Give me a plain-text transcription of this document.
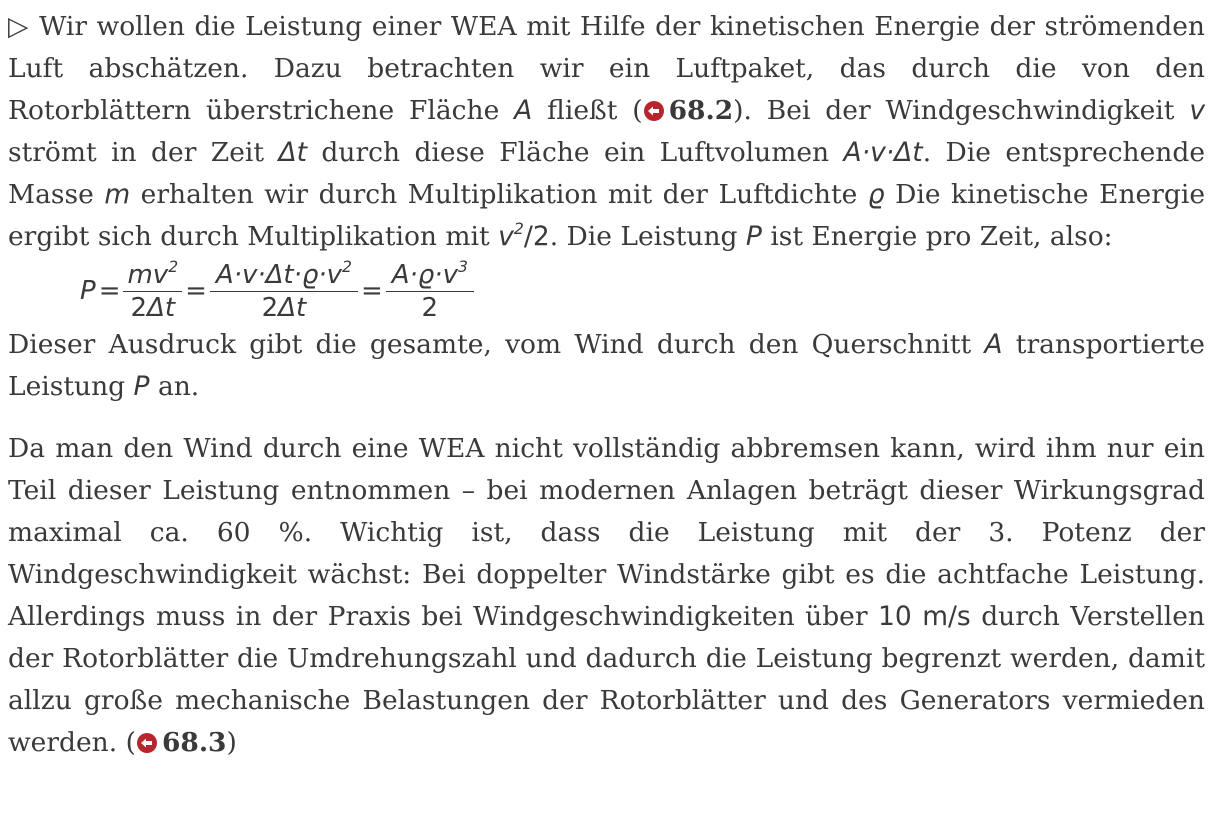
▷ Wir wollen die Leistung einer WEA mit Hilfe der kinetischen Energie der strömenden Luft abschätzen. Dazu betrachten wir ein Luftpaket, das durch die von den Rotorblättern überstrichene Fläche A fließt ( 68.2). Bei der Windgeschwindigkeit v strömt in der Zeit Δt durch diese Fläche ein Luftvolumen A·v·Δt. Die entsprechende Masse m erhalten wir durch Multiplikation mit der Luftdichte ϱ Die kinetische Energie ergibt sich durch Multiplikation mit $v^2/2$. Die Leistung P ist Energie pro Zeit, also:

$P = \frac{mv^2}{2\Delta t} = \frac{A\cdot v\cdot\Delta t\cdot ϱ\cdot v^2}{2\Delta t} = \frac{A\cdot ϱ\cdot v^3}{2}$

Dieser Ausdruck gibt die gesamte, vom Wind durch den Querschnitt A transportierte Leistung P an.

Da man den Wind durch eine WEA nicht vollständig abbremsen kann, wird ihm nur ein Teil dieser Leistung entnommen – bei modernen Anlagen beträgt dieser Wirkungsgrad maximal ca. 60 %. Wichtig ist, dass die Leistung mit der 3. Potenz der Windgeschwindigkeit wächst: Bei doppelter Windstärke gibt es die achtfache Leistung. Allerdings muss in der Praxis bei Windgeschwindigkeiten über 10 m/s durch Verstellen der Rotorblätter die Umdrehungszahl und dadurch die Leistung begrenzt werden, damit allzu große mechanische Belastungen der Rotorblätter und des Generators vermieden werden. ( 68.3)
